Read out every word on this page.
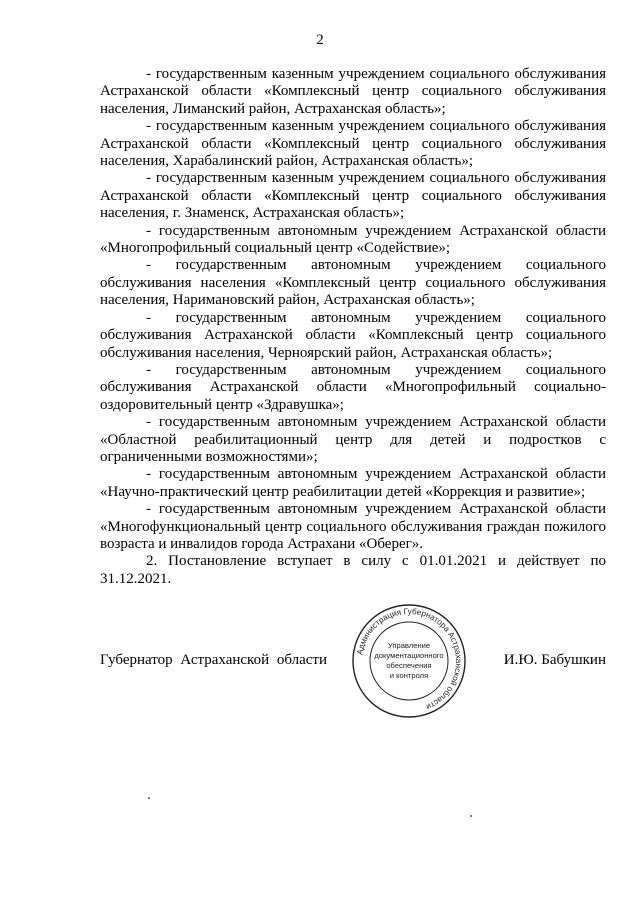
2

- государственным казенным учреждением социального обслуживания Астраханской области «Комплексный центр социального обслуживания населения, Лиманский район, Астраханская область»;

- государственным казенным учреждением социального обслуживания Астраханской области «Комплексный центр социального обслуживания населения, Харабалинский район, Астраханская область»;

- государственным казенным учреждением социального обслуживания Астраханской области «Комплексный центр социального обслуживания населения, г. Знаменск, Астраханская область»;

- государственным автономным учреждением Астраханской области «Многопрофильный социальный центр «Содействие»;

- государственным автономным учреждением социального обслуживания населения «Комплексный центр социального обслуживания населения, Наримановский район, Астраханская область»;

- государственным автономным учреждением социального обслуживания Астраханской области «Комплексный центр социального обслуживания населения, Черноярский район, Астраханская область»;

- государственным автономным учреждением социального обслуживания Астраханской области «Многопрофильный социально-оздоровительный центр «Здравушка»;

- государственным автономным учреждением Астраханской области «Областной реабилитационный центр для детей и подростков с ограниченными возможностями»;

- государственным автономным учреждением Астраханской области «Научно-практический центр реабилитации детей «Коррекция и развитие»;

- государственным автономным учреждением Астраханской области «Многофункциональный центр социального обслуживания граждан пожилого возраста и инвалидов города Астрахани «Оберег».

2. Постановление вступает в силу с 01.01.2021 и действует по 31.12.2021.

Губернатор Астраханской области	И.Ю. Бабушкин
Администрация Губернатора Астраханской области
Управление
документационного
обеспечения
и контроля
